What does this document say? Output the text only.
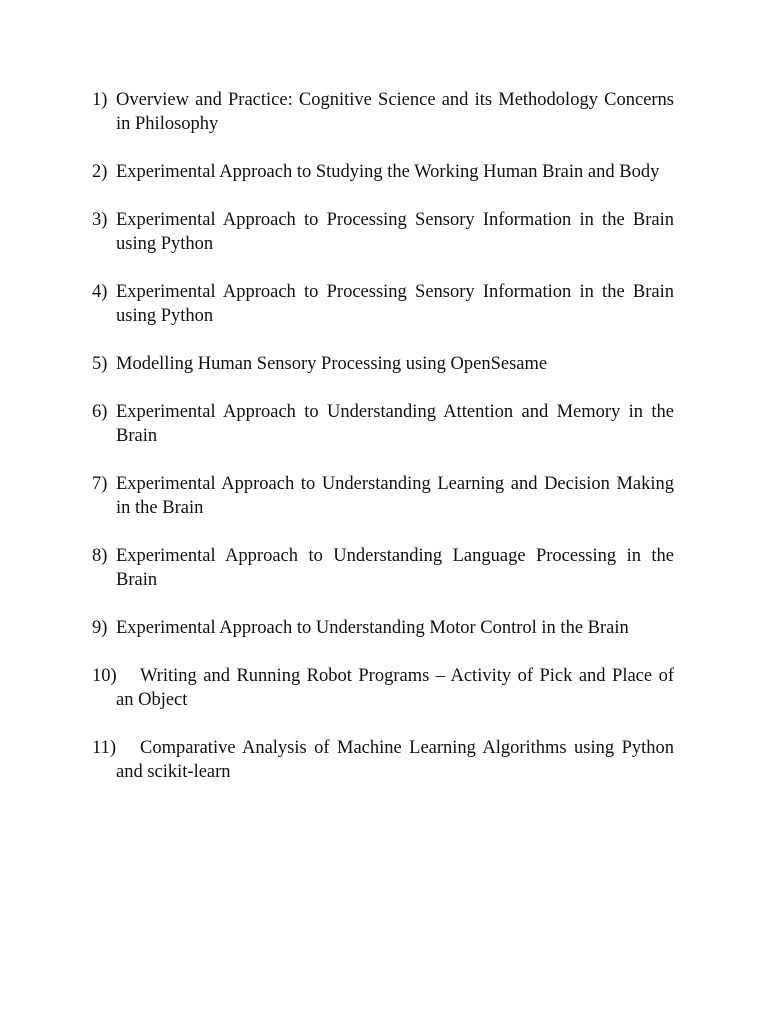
1) Overview and Practice: Cognitive Science and its Methodology Concerns in Philosophy
2) Experimental Approach to Studying the Working Human Brain and Body
3) Experimental Approach to Processing Sensory Information in the Brain using Python
4) Experimental Approach to Processing Sensory Information in the Brain using Python
5) Modelling Human Sensory Processing using OpenSesame
6) Experimental Approach to Understanding Attention and Memory in the Brain
7) Experimental Approach to Understanding Learning and Decision Making in the Brain
8) Experimental Approach to Understanding Language Processing in the Brain
9) Experimental Approach to Understanding Motor Control in the Brain
10)	Writing and Running Robot Programs – Activity of Pick and Place of an Object
11)	Comparative Analysis of Machine Learning Algorithms using Python and scikit-learn
